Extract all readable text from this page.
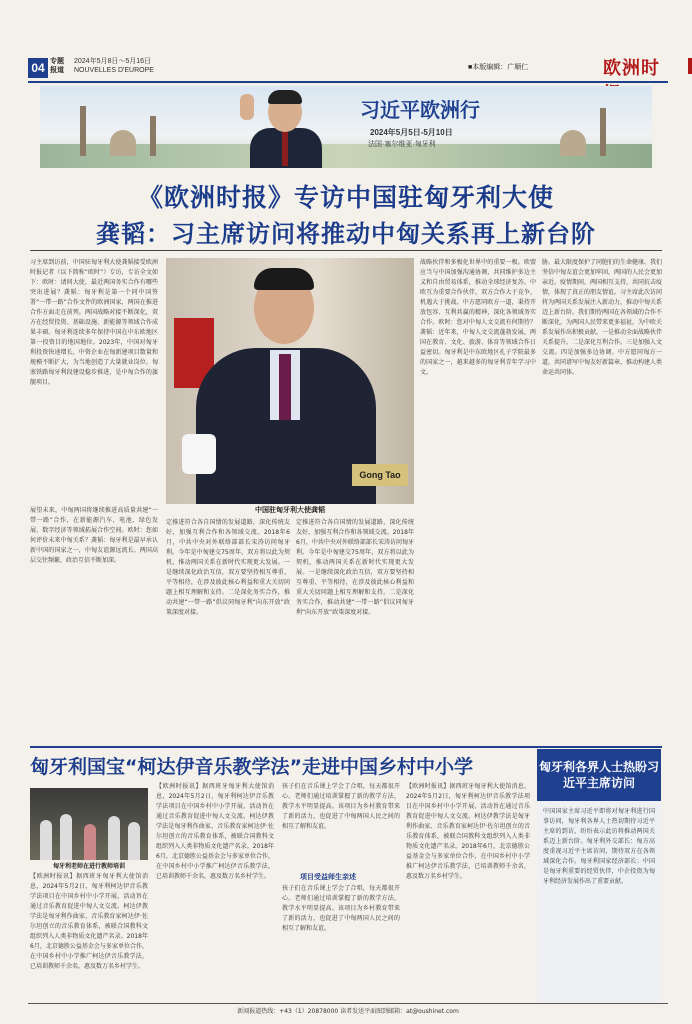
04 专题报道
2024年5月8日～5月16日
NOUVELLES D'EUROPE	■本版编辑：广顺仁	欧洲时
习近平欧洲行
2024年5月5日-5月10日
法国·塞尔维亚·匈牙利
《欧洲时报》专访中国驻匈牙利大使
龚韬：习主席访问将推动中匈关系再上新台阶
习主席到访前，中国驻匈牙利大使龚韬接受欧洲时报记者（以下简称“欧时”）专访，专访全文如下：欧时：请问大使，最近两国务实合作有哪些突出进展？龚韬：匈牙利是第一个同中国签署“一带一路”合作文件的欧洲国家，两国在推进合作方面走在前列。两国战略对接不断深化，双方在经贸投资、基础设施、新能源等领域合作成果丰硕。匈牙利连续多年保持中国在中东欧地区第一投资目的地国地位。2023年，中国对匈牙利投资快速增长，中资企业在匈新建项目数量和规模不断扩大，为当地创造了大量就业岗位。匈塞铁路匈牙利段建设稳步推进，是中匈合作的旗舰项目。
展望未来，中匈两国将继续推进高质量共建“一带一路”合作，在新能源汽车、电池、绿色发展、数字经济等领域拓展合作空间。欧时：您如何评价未来中匈关系？龚韬：匈牙利是最早承认新中国的国家之一，中匈友谊源远流长。两国高层交往频繁，政治互信不断加深。
Gong Tao
中国驻匈牙利大使龚韬
定推进符合各自国情的发展道路，深化传统友好，加强互利合作和各领域交流。2018年6月，中共中央对外联络部部长宋涛访问匈牙利。今年是中匈建交75周年，双方将以此为契机，推动两国关系在新时代实现更大发展。一是继续深化政治互信，双方要坚持相互尊重、平等相待，在涉及彼此核心利益和重大关切问题上相互理解和支持。二是深化务实合作，推动共建“一带一路”倡议同匈牙利“向东开放”政策深度对接。
定推进符合各自国情的发展道路，深化传统友好，加强互利合作和各领域交流。2018年6月，中共中央对外联络部部长宋涛访问匈牙利。今年是中匈建交75周年，双方将以此为契机，推动两国关系在新时代实现更大发展。一是继续深化政治互信，双方要坚持相互尊重、平等相待，在涉及彼此核心利益和重大关切问题上相互理解和支持。二是深化务实合作，推动共建“一带一路”倡议同匈牙利“向东开放”政策深度对接。
战略伙伴和多极化世界中的重要一极。欧盟应当与中国加强沟通协调，共同维护多边主义和自由贸易体系，推动全球经济复苏。中欧互为重要合作伙伴，双方合作大于竞争，机遇大于挑战。中方愿同欧方一道，秉持开放包容、互利共赢的精神，深化各领域务实合作。欧时：您对中匈人文交流有何期待？龚韬：近年来，中匈人文交流蓬勃发展，两国在教育、文化、旅游、体育等领域合作日益密切。匈牙利是中东欧地区孔子学院最多的国家之一，越来越多的匈牙利青年学习中文。
胁。最大限度保护了同胞们的生命健康。我们坚信中匈友谊会更加牢固，两国的人民会更加亲近。疫情期间，两国相互支持，共同抗击疫情，体现了真正的朋友情谊。习主席此次访问将为两国关系发展注入新动力，推动中匈关系迈上新台阶。我们期待两国在各领域的合作不断深化，为两国人民带来更多福祉，为中欧关系发展作出积极贡献。一是推动全面战略伙伴关系提升。二是深化互利合作。三是加强人文交流。四是加强多边协调。中方愿同匈方一道，共同谱写中匈友好新篇章，推动构建人类命运共同体。
匈牙利国宝“柯达伊音乐教学法”走进中国乡村中小学
匈牙利老师在进行教师培训
【欧洲时报讯】据西班牙匈牙利大使馆消息，2024年5月2日，匈牙利柯达伊音乐教学法项目在中国乡村中小学开展，活动旨在通过音乐教育促进中匈人文交流。柯达伊教学法是匈牙利作曲家、音乐教育家柯达伊·佐尔坦创立的音乐教育体系，被联合国教科文组织列入人类非物质文化遗产名录。2018年6月，北京德胜公益基金会与多家单位合作，在中国乡村中小学推广柯达伊音乐教学法，已培训教师千余名，惠及数万名乡村学生。
【欧洲时报讯】据西班牙匈牙利大使馆消息，2024年5月2日，匈牙利柯达伊音乐教学法项目在中国乡村中小学开展，活动旨在通过音乐教育促进中匈人文交流。柯达伊教学法是匈牙利作曲家、音乐教育家柯达伊·佐尔坦创立的音乐教育体系，被联合国教科文组织列入人类非物质文化遗产名录。2018年6月，北京德胜公益基金会与多家单位合作，在中国乡村中小学推广柯达伊音乐教学法，已培训教师千余名，惠及数万名乡村学生。
孩子们在音乐课上学会了合唱，每天都很开心。老师们通过培训掌握了新的教学方法，教学水平明显提高。该项目为乡村教育带来了新的活力，也促进了中匈两国人民之间的相互了解和友谊。
项目受益师生亲述
孩子们在音乐课上学会了合唱，每天都很开心。老师们通过培训掌握了新的教学方法，教学水平明显提高。该项目为乡村教育带来了新的活力，也促进了中匈两国人民之间的相互了解和友谊。
【欧洲时报讯】据西班牙匈牙利大使馆消息，2024年5月2日，匈牙利柯达伊音乐教学法项目在中国乡村中小学开展，活动旨在通过音乐教育促进中匈人文交流。柯达伊教学法是匈牙利作曲家、音乐教育家柯达伊·佐尔坦创立的音乐教育体系，被联合国教科文组织列入人类非物质文化遗产名录。2018年6月，北京德胜公益基金会与多家单位合作，在中国乡村中小学推广柯达伊音乐教学法，已培训教师千余名，惠及数万名乡村学生。
匈牙利各界人士热盼习近平主席访问
中国国家主席习近平即将对匈牙利进行国事访问，匈牙利各界人士热切期待习近平主席的到访，纷纷表示此访将推动两国关系迈上新台阶。匈牙利外交部长：匈方高度重视习近平主席访问，期待双方在各领域深化合作。匈牙利国家经济部长：中国是匈牙利重要的经贸伙伴，中企投资为匈牙利经济发展作出了重要贡献。
新闻报道热线：+43（1）20878000 读者发送平面图到邮箱：at@oushinet.com
